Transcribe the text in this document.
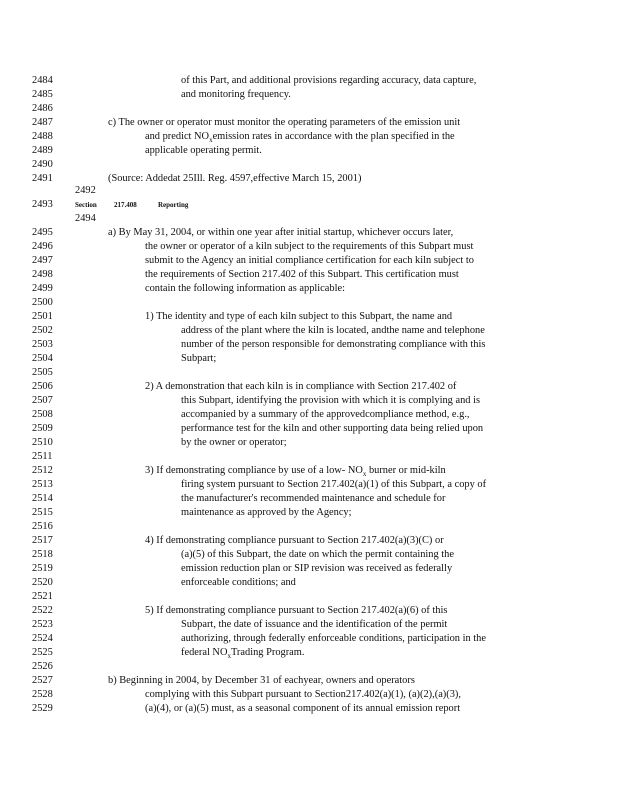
2484	of this Part, and additional provisions regarding accuracy, data capture,
2485	and monitoring frequency.
2486
2487	c) The owner or operator must monitor the operating parameters of the emission unit
2488	and predict $NO_xemission$ rates in accordance with the plan specified in the
2489	applicable operating permit.
2490
2491	(Source: Addedat 25Ill. Reg. 4597,effective March 15, 2001)
2492
2493	Section 217.408	Reporting
2494
2495	a) By May 31, 2004, or within one year after initial startup, whichever occurs later,
2496	the owner or operator of a kiln subject to the requirements of this Subpart must
2497	submit to the Agency an initial compliance certification for each kiln subject to
2498	the requirements of Section 217.402 of this Subpart. This certification must
2499	contain the following information as applicable:
2500
2501	1) The identity and type of each kiln subject to this Subpart, the name and
2502	address of the plant where the kiln is located, andthe name and telephone
2503	number of the person responsible for demonstrating compliance with this
2504	Subpart;
2505
2506	2) A demonstration that each kiln is in compliance with Section 217.402 of
2507	this Subpart, identifying the provision with which it is complying and is
2508	accompanied by a summary of the approvedcompliance method, e.g.,
2509	performance test for the kiln and other supporting data being relied upon
2510	by the owner or operator;
2511
2512	3) If demonstrating compliance by use of a low- $NO_x$ burner or mid-kiln
2513	firing system pursuant to Section 217.402(a)(1) of this Subpart, a copy of
2514	the manufacturer's recommended maintenance and schedule for
2515	maintenance as approved by the Agency;
2516
2517	4) If demonstrating compliance pursuant to Section 217.402(a)(3)(C) or
2518	(a)(5) of this Subpart, the date on which the permit containing the
2519	emission reduction plan or SIP revision was received as federally
2520	enforceable conditions; and
2521
2522	5) If demonstrating compliance pursuant to Section 217.402(a)(6) of this
2523	Subpart, the date of issuance and the identification of the permit
2524	authorizing, through federally enforceable conditions, participation in the
2525	federal $NO_xTrading$ Program.
2526
2527	b) Beginning in 2004, by December 31 of eachyear, owners and operators
2528	complying with this Subpart pursuant to Section217.402(a)(1), (a)(2),(a)(3),
2529	(a)(4), or (a)(5) must, as a seasonal component of its annual emission report
